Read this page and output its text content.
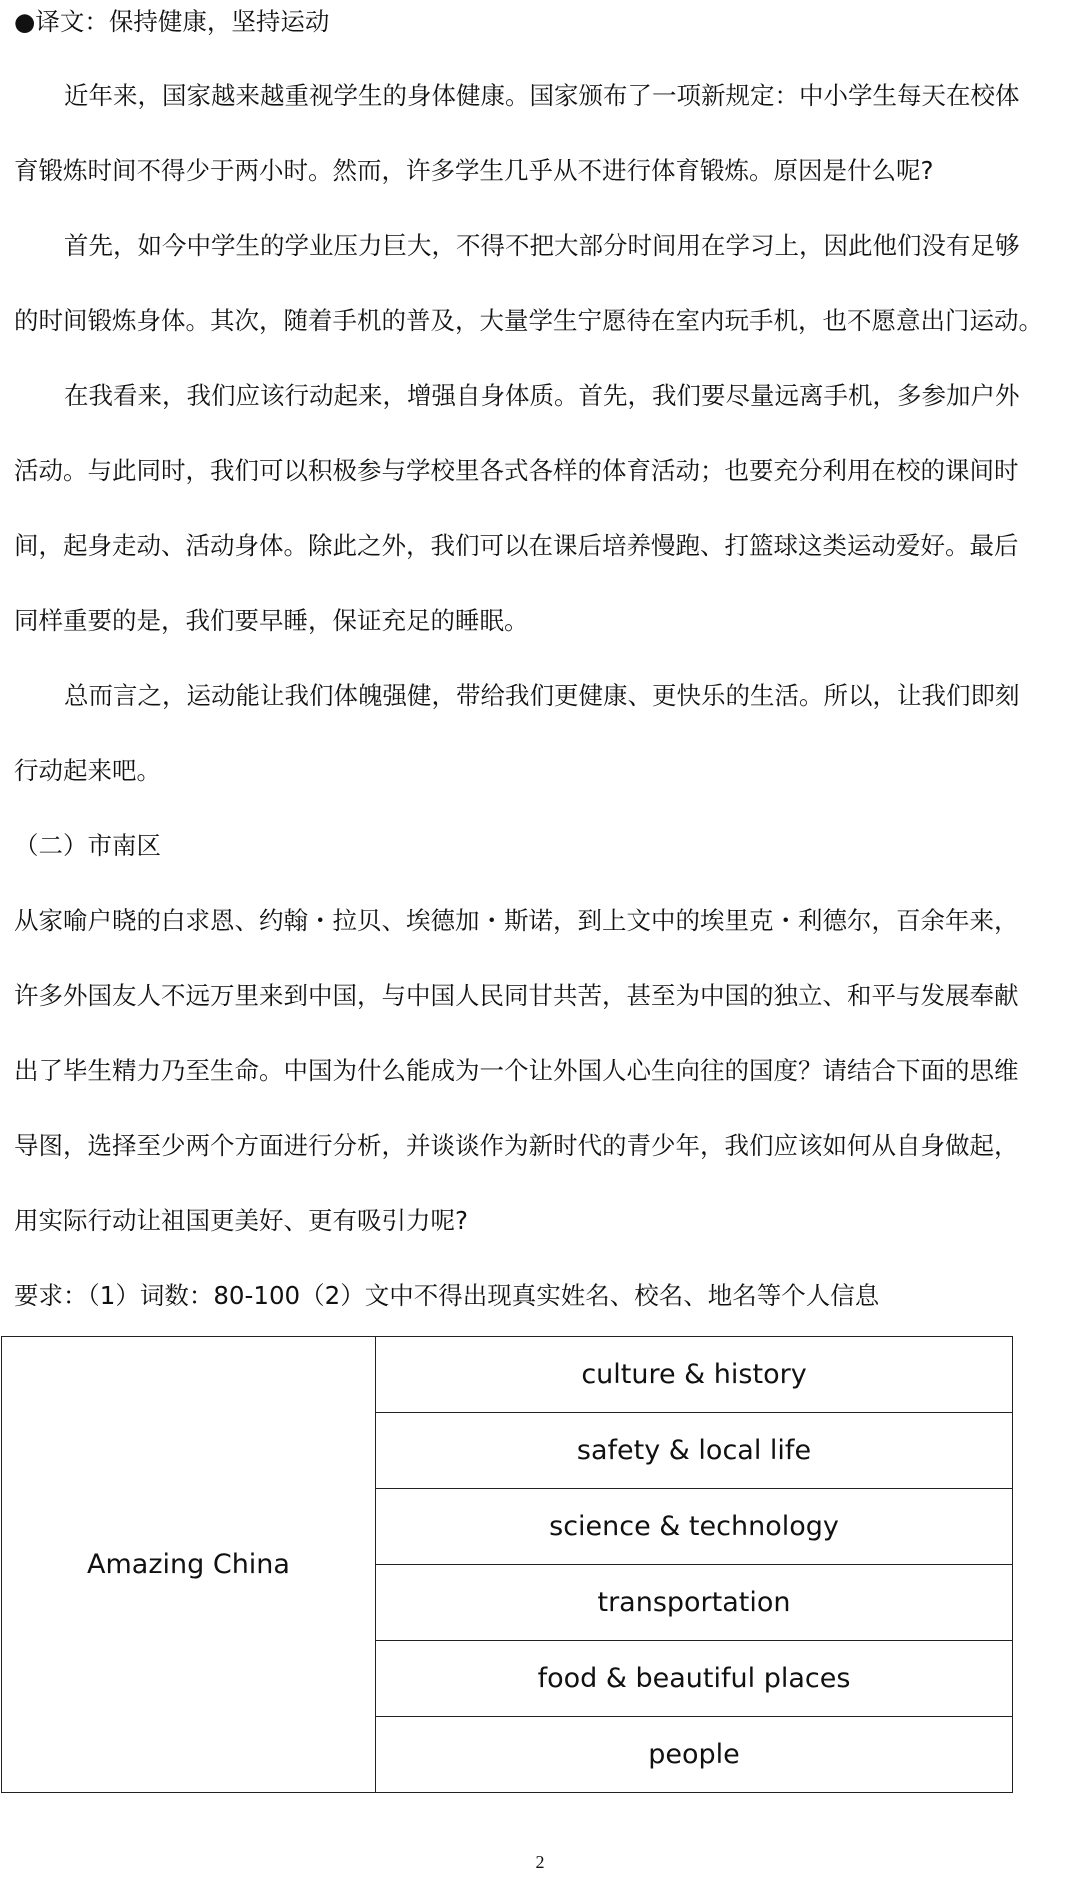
●译文：保持健康，坚持运动
近年来，国家越来越重视学生的身体健康。国家颁布了一项新规定：中小学生每天在校体
育锻炼时间不得少于两小时。然而，许多学生几乎从不进行体育锻炼。原因是什么呢?
首先，如今中学生的学业压力巨大，不得不把大部分时间用在学习上，因此他们没有足够
的时间锻炼身体。其次，随着手机的普及，大量学生宁愿待在室内玩手机，也不愿意出门运动。
在我看来，我们应该行动起来，增强自身体质。首先，我们要尽量远离手机，多参加户外
活动。与此同时，我们可以积极参与学校里各式各样的体育活动；也要充分利用在校的课间时
间，起身走动、活动身体。除此之外，我们可以在课后培养慢跑、打篮球这类运动爱好。最后
同样重要的是，我们要早睡，保证充足的睡眠。
总而言之，运动能让我们体魄强健，带给我们更健康、更快乐的生活。所以，让我们即刻
行动起来吧。
（二）市南区
从家喻户晓的白求恩、约翰・拉贝、埃德加・斯诺，到上文中的埃里克・利德尔，百余年来，
许多外国友人不远万里来到中国，与中国人民同甘共苦，甚至为中国的独立、和平与发展奉献
出了毕生精力乃至生命。中国为什么能成为一个让外国人心生向往的国度？请结合下面的思维
导图，选择至少两个方面进行分析，并谈谈作为新时代的青少年，我们应该如何从自身做起，
用实际行动让祖国更美好、更有吸引力呢?
要求：（1）词数：80-100（2）文中不得出现真实姓名、校名、地名等个人信息
Amazing China	culture & history
safety & local life
science & technology
transportation
food & beautiful places
people
2
